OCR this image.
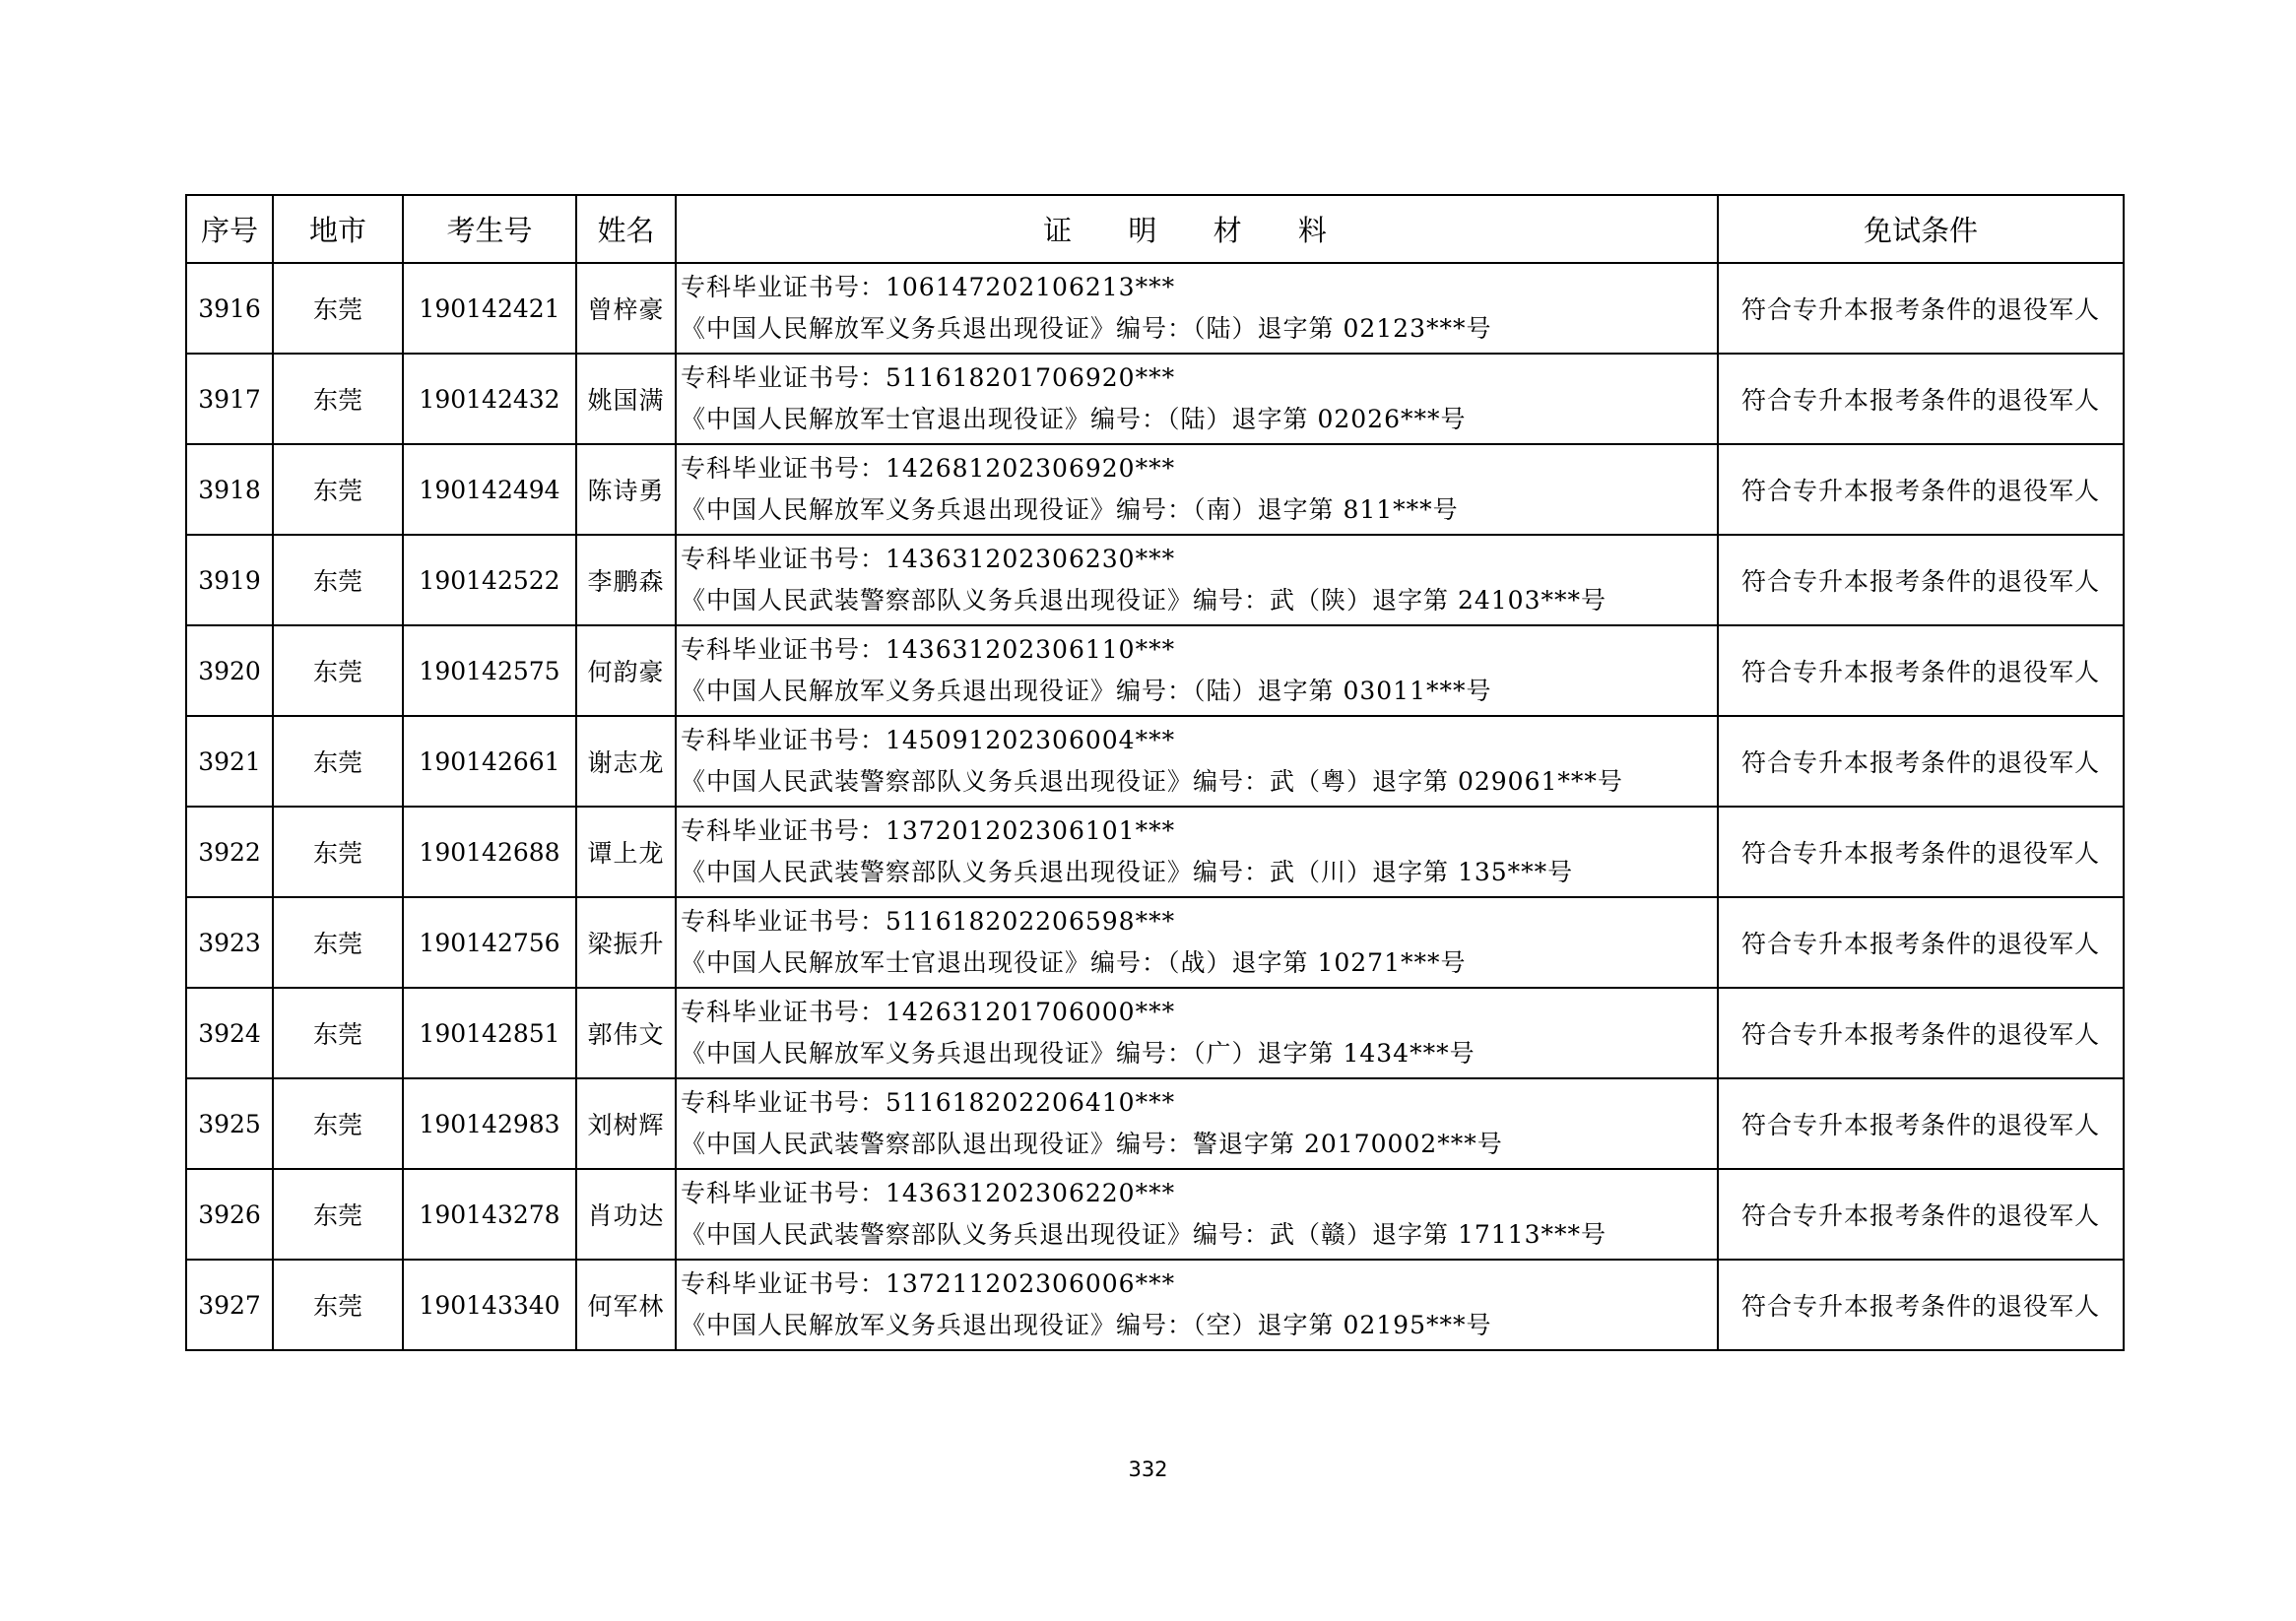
序号	地市	考生号	姓名	证 明 材 料	免试条件
3916	东莞	190142421	曾梓豪	专科毕业证书号：106147202106213***
《中国人民解放军义务兵退出现役证》编号：（陆）退字第 02123***号	符合专升本报考条件的退役军人
3917	东莞	190142432	姚国满	专科毕业证书号：511618201706920***
《中国人民解放军士官退出现役证》编号：（陆）退字第 02026***号	符合专升本报考条件的退役军人
3918	东莞	190142494	陈诗勇	专科毕业证书号：142681202306920***
《中国人民解放军义务兵退出现役证》编号：（南）退字第 811***号	符合专升本报考条件的退役军人
3919	东莞	190142522	李鹏森	专科毕业证书号：143631202306230***
《中国人民武装警察部队义务兵退出现役证》编号：武（陕）退字第 24103***号	符合专升本报考条件的退役军人
3920	东莞	190142575	何韵豪	专科毕业证书号：143631202306110***
《中国人民解放军义务兵退出现役证》编号：（陆）退字第 03011***号	符合专升本报考条件的退役军人
3921	东莞	190142661	谢志龙	专科毕业证书号：145091202306004***
《中国人民武装警察部队义务兵退出现役证》编号：武（粤）退字第 029061***号	符合专升本报考条件的退役军人
3922	东莞	190142688	谭上龙	专科毕业证书号：137201202306101***
《中国人民武装警察部队义务兵退出现役证》编号：武（川）退字第 135***号	符合专升本报考条件的退役军人
3923	东莞	190142756	梁振升	专科毕业证书号：511618202206598***
《中国人民解放军士官退出现役证》编号：（战）退字第 10271***号	符合专升本报考条件的退役军人
3924	东莞	190142851	郭伟文	专科毕业证书号：142631201706000***
《中国人民解放军义务兵退出现役证》编号：（广）退字第 1434***号	符合专升本报考条件的退役军人
3925	东莞	190142983	刘树辉	专科毕业证书号：511618202206410***
《中国人民武装警察部队退出现役证》编号：警退字第 20170002***号	符合专升本报考条件的退役军人
3926	东莞	190143278	肖功达	专科毕业证书号：143631202306220***
《中国人民武装警察部队义务兵退出现役证》编号：武（赣）退字第 17113***号	符合专升本报考条件的退役军人
3927	东莞	190143340	何军林	专科毕业证书号：137211202306006***
《中国人民解放军义务兵退出现役证》编号：（空）退字第 02195***号	符合专升本报考条件的退役军人
332
